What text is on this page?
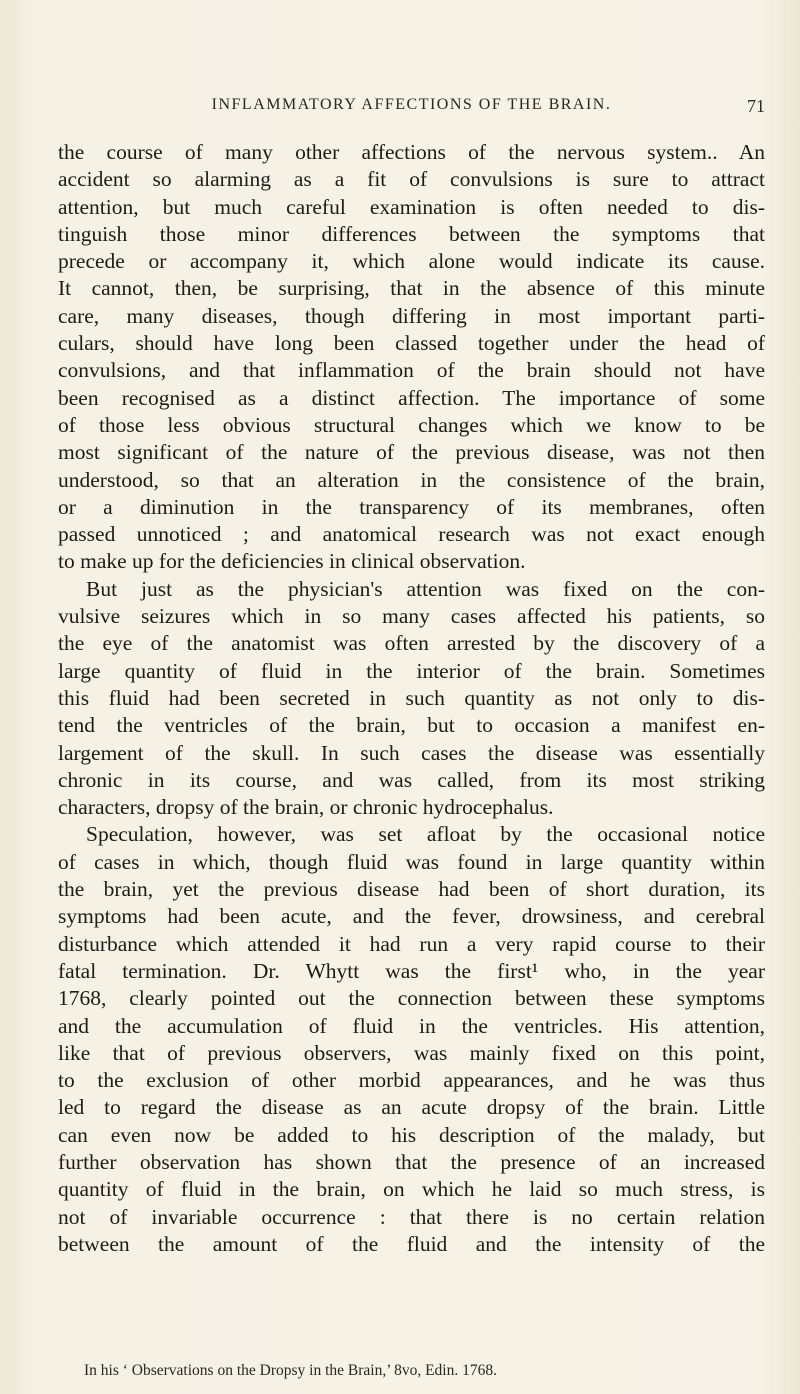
INFLAMMATORY AFFECTIONS OF THE BRAIN.	71
the course of many other affections of the nervous system.. An
accident so alarming as a fit of convulsions is sure to attract
attention, but much careful examination is often needed to dis-
tinguish those minor differences between the symptoms that
precede or accompany it, which alone would indicate its cause.
It cannot, then, be surprising, that in the absence of this minute
care, many diseases, though differing in most important parti-
culars, should have long been classed together under the head of
convulsions, and that inflammation of the brain should not have
been recognised as a distinct affection. The importance of some
of those less obvious structural changes which we know to be
most significant of the nature of the previous disease, was not then
understood, so that an alteration in the consistence of the brain,
or a diminution in the transparency of its membranes, often
passed unnoticed ; and anatomical research was not exact enough
to make up for the deficiencies in clinical observation.
But just as the physician's attention was fixed on the con-
vulsive seizures which in so many cases affected his patients, so
the eye of the anatomist was often arrested by the discovery of a
large quantity of fluid in the interior of the brain. Sometimes
this fluid had been secreted in such quantity as not only to dis-
tend the ventricles of the brain, but to occasion a manifest en-
largement of the skull. In such cases the disease was essentially
chronic in its course, and was called, from its most striking
characters, dropsy of the brain, or chronic hydrocephalus.
Speculation, however, was set afloat by the occasional notice
of cases in which, though fluid was found in large quantity within
the brain, yet the previous disease had been of short duration, its
symptoms had been acute, and the fever, drowsiness, and cerebral
disturbance which attended it had run a very rapid course to their
fatal termination. Dr. Whytt was the first¹ who, in the year
1768, clearly pointed out the connection between these symptoms
and the accumulation of fluid in the ventricles. His attention,
like that of previous observers, was mainly fixed on this point,
to the exclusion of other morbid appearances, and he was thus
led to regard the disease as an acute dropsy of the brain. Little
can even now be added to his description of the malady, but
further observation has shown that the presence of an increased
quantity of fluid in the brain, on which he laid so much stress, is
not of invariable occurrence : that there is no certain relation
between the amount of the fluid and the intensity of the
In his ‘ Observations on the Dropsy in the Brain,’ 8vo, Edin. 1768.
